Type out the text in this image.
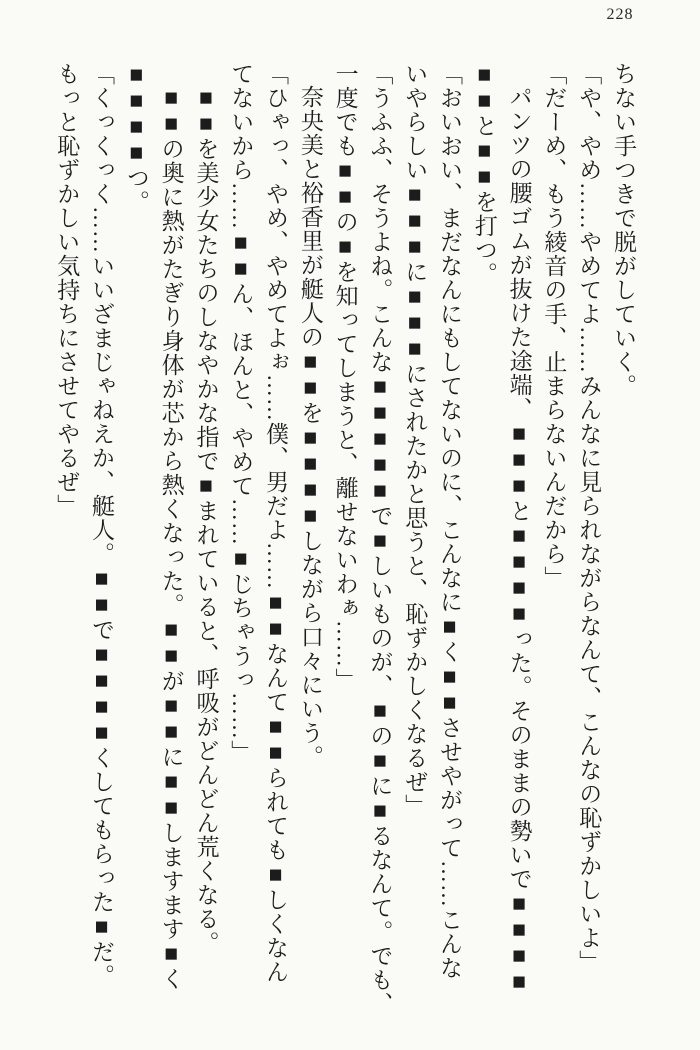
228

ちない手つきで脱がしていく。

「や、やめ……やめてよ……みんなに見られながらなんて、こんなの恥ずかしいよ」

「だーめ、もう綾音の手、止まらないんだから」

パンツの腰ゴムが抜けた途端、■■■と■■■■った。そのままの勢いで■■■■

■■と■■を打つ。

「おいおい、まだなんにもしてないのに、こんなに■く■■させやがって……こんな

いやらしい■■■に■■■にされたかと思うと、恥ずかしくなるぜ」

「うふふ、そうよね。こんな■■■■■で■しいものが、■の■に■るなんて。でも、

一度でも■■の■を知ってしまうと、離せないわぁ……」

奈央美と裕香里が艇人の■■を■■■■しながら口々にいう。

「ひゃっ、やめ、やめてよぉ……僕、男だよ……■■なんて■■られても■しくなん

てないから……■■ん、ほんと、やめて……■じちゃうっ……」

■■を美少女たちのしなやかな指で■まれていると、呼吸がどんどん荒くなる。

■■の奥に熱がたぎり身体が芯から熱くなった。■■が■■に■■しますます■く

■■■■つ。

「くっくっく……いいざまじゃねえか、艇人。■■で■■■■くしてもらった■だ。

もっと恥ずかしい気持ちにさせてやるぜ」
